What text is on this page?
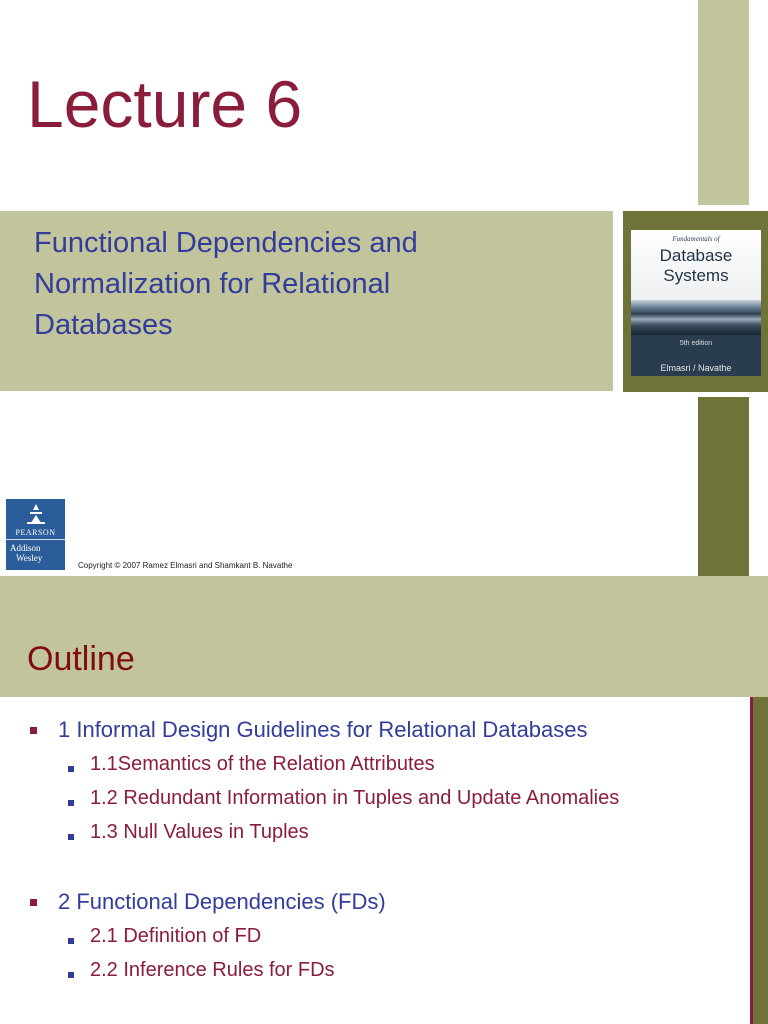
Lecture 6
Functional Dependencies and
Normalization for Relational
Databases
Fundamentals of
Database
Systems
5th edition
Elmasri / Navathe
PEARSON
Addison
Wesley
Copyright © 2007 Ramez Elmasri and Shamkant B. Navathe
Outline
1 Informal Design Guidelines for Relational Databases
1.1Semantics of the Relation Attributes
1.2 Redundant Information in Tuples and Update Anomalies
1.3 Null Values in Tuples
2 Functional Dependencies (FDs)
2.1 Definition of FD
2.2 Inference Rules for FDs
